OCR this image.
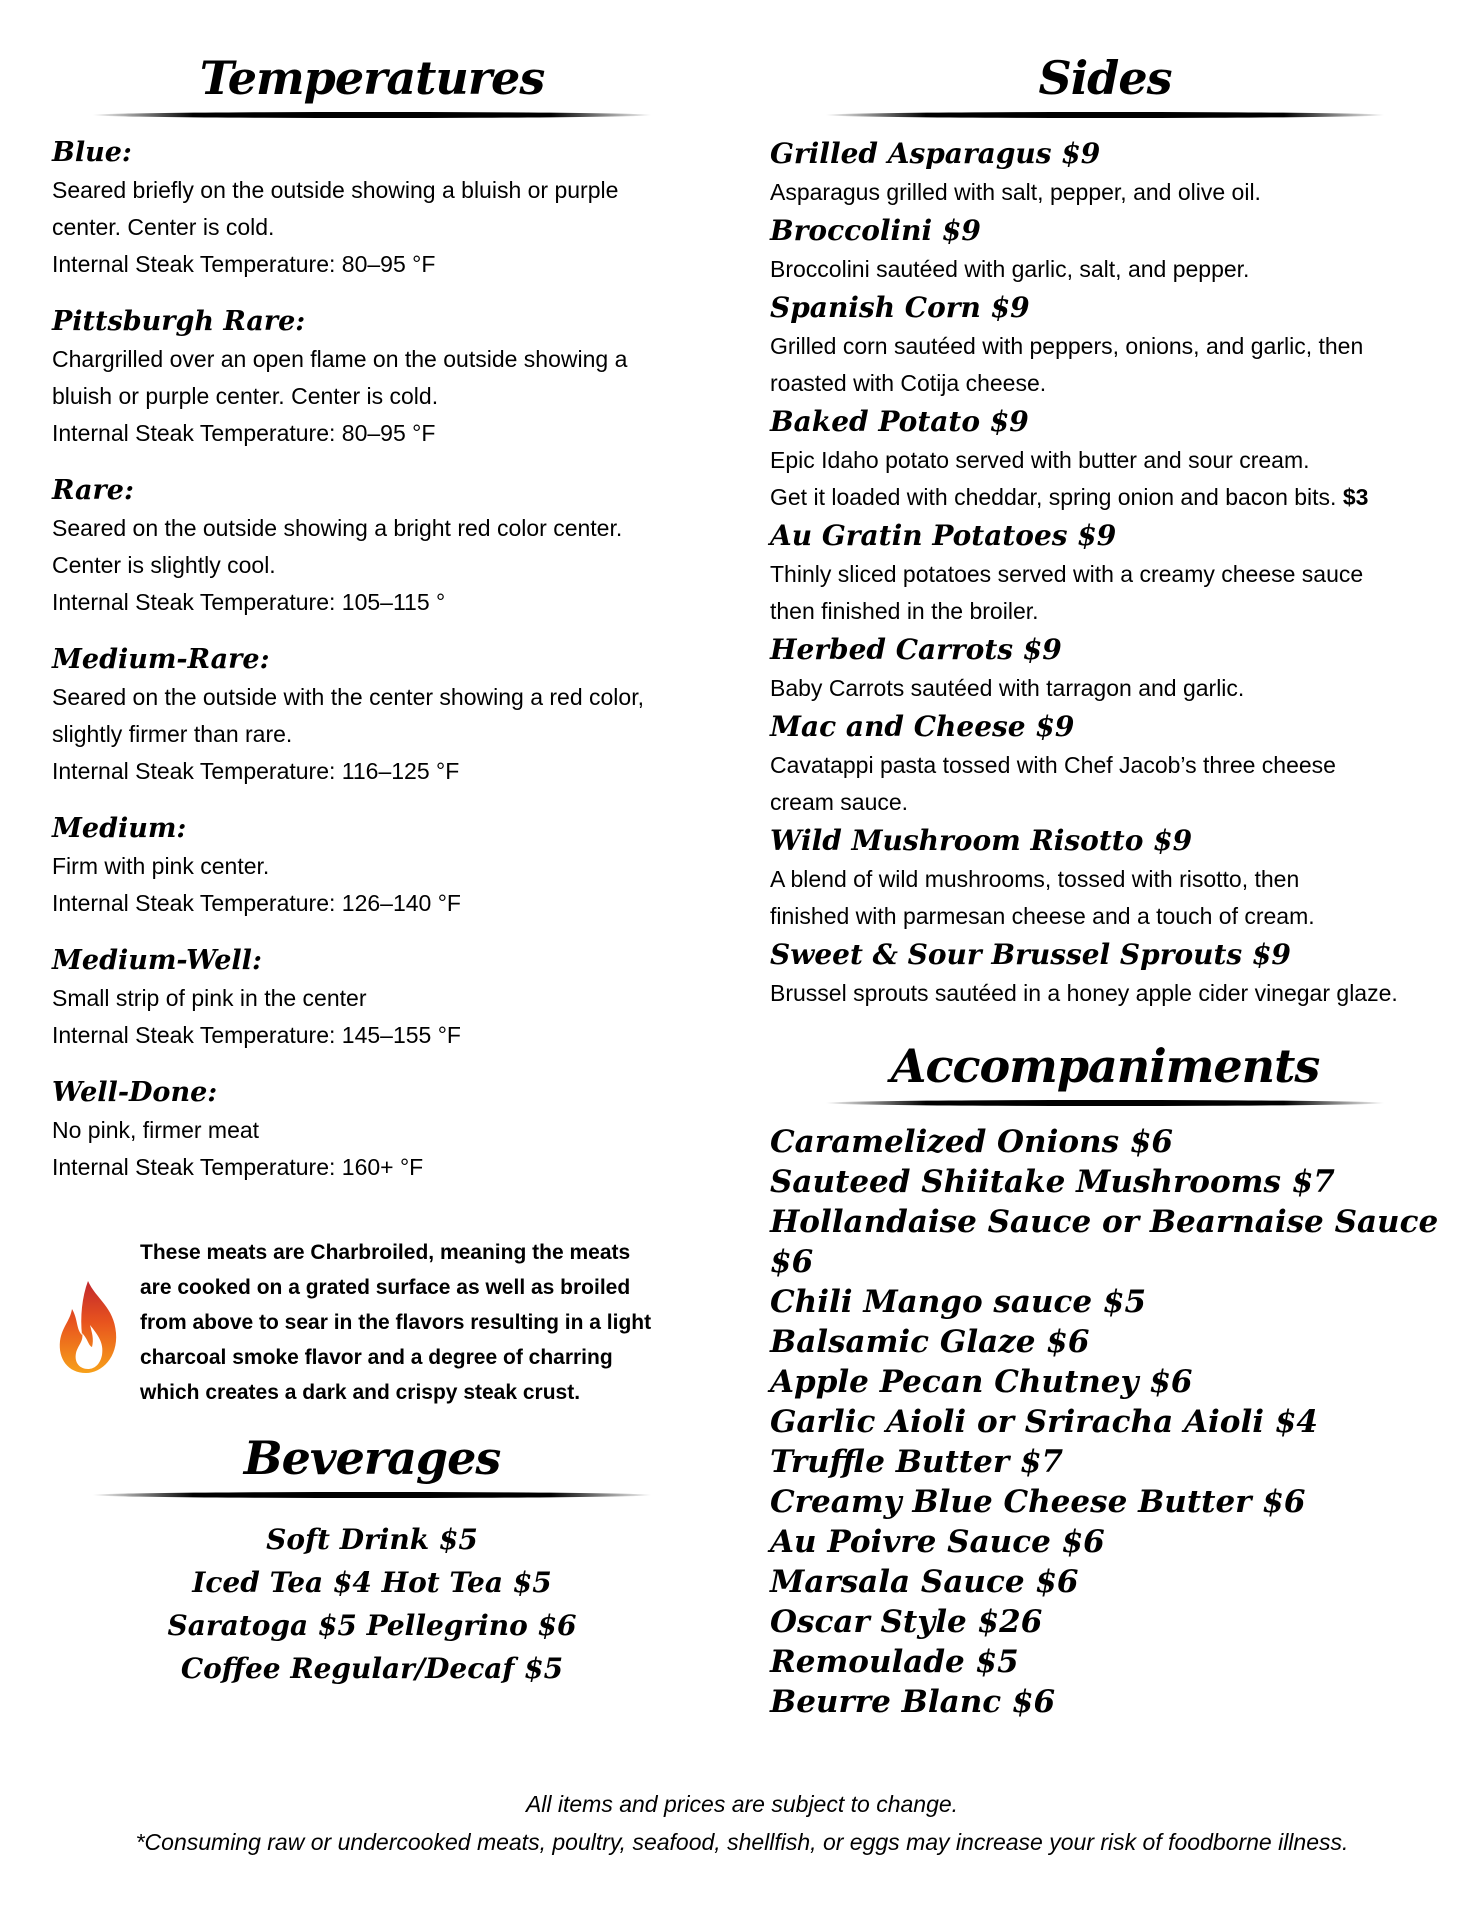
Temperatures
Blue:
Seared briefly on the outside showing a bluish or purple
center. Center is cold.
Internal Steak Temperature: 80–95 °F
Pittsburgh Rare:
Chargrilled over an open flame on the outside showing a
bluish or purple center. Center is cold.
Internal Steak Temperature: 80–95 °F
Rare:
Seared on the outside showing a bright red color center.
Center is slightly cool.
Internal Steak Temperature: 105–115 °
Medium-Rare:
Seared on the outside with the center showing a red color,
slightly firmer than rare.
Internal Steak Temperature: 116–125 °F
Medium:
Firm with pink center.
Internal Steak Temperature: 126–140 °F
Medium-Well:
Small strip of pink in the center
Internal Steak Temperature: 145–155 °F
Well-Done:
No pink, firmer meat
Internal Steak Temperature: 160+ °F
These meats are Charbroiled, meaning the meats
are cooked on a grated surface as well as broiled
from above to sear in the flavors resulting in a light
charcoal smoke flavor and a degree of charring
which creates a dark and crispy steak crust.
Beverages
Soft Drink $5
Iced Tea $4 Hot Tea $5
Saratoga $5 Pellegrino $6
Coffee Regular/Decaf $5
Sides
Grilled Asparagus $9
Asparagus grilled with salt, pepper, and olive oil.
Broccolini $9
Broccolini sautéed with garlic, salt, and pepper.
Spanish Corn $9
Grilled corn sautéed with peppers, onions, and garlic, then
roasted with Cotija cheese.
Baked Potato $9
Epic Idaho potato served with butter and sour cream.
Get it loaded with cheddar, spring onion and bacon bits. $3
Au Gratin Potatoes $9
Thinly sliced potatoes served with a creamy cheese sauce
then finished in the broiler.
Herbed Carrots $9
Baby Carrots sautéed with tarragon and garlic.
Mac and Cheese $9
Cavatappi pasta tossed with Chef Jacob’s three cheese
cream sauce.
Wild Mushroom Risotto $9
A blend of wild mushrooms, tossed with risotto, then
finished with parmesan cheese and a touch of cream.
Sweet & Sour Brussel Sprouts $9
Brussel sprouts sautéed in a honey apple cider vinegar glaze.
Accompaniments
Caramelized Onions $6
Sauteed Shiitake Mushrooms $7
Hollandaise Sauce or Bearnaise Sauce $6
Chili Mango sauce $5
Balsamic Glaze $6
Apple Pecan Chutney $6
Garlic Aioli or Sriracha Aioli $4
Truffle Butter $7
Creamy Blue Cheese Butter $6
Au Poivre Sauce $6
Marsala Sauce $6
Oscar Style $26
Remoulade $5
Beurre Blanc $6
All items and prices are subject to change.
*Consuming raw or undercooked meats, poultry, seafood, shellfish, or eggs may increase your risk of foodborne illness.
